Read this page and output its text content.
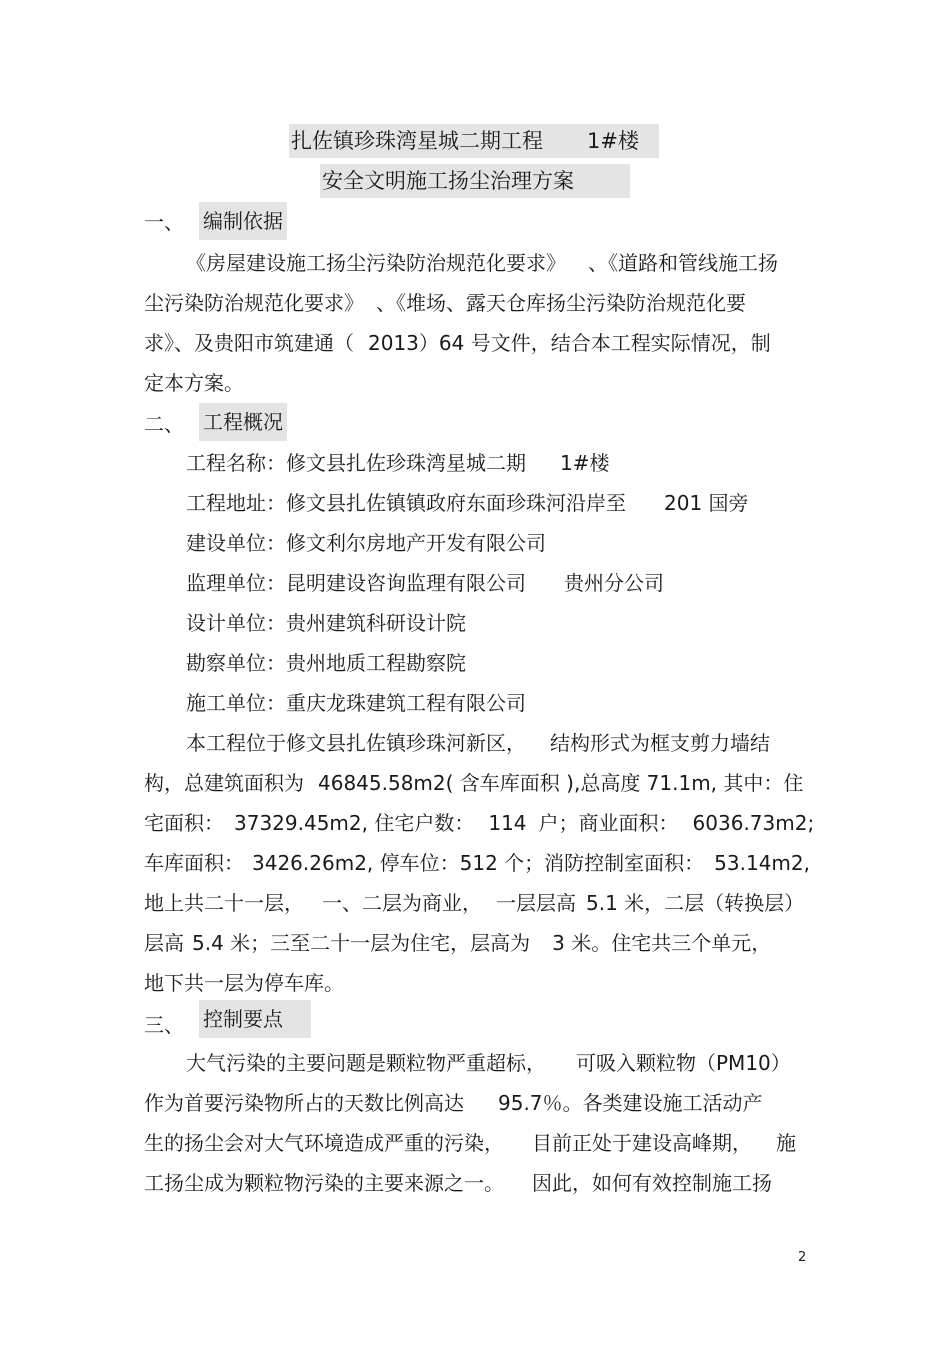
扎佐镇珍珠湾星城二期工程 1#楼
安全文明施工扬尘治理方案
一、 编制依据
《房屋建设施工扬尘污染防治规范化要求》 、《道路和管线施工扬
尘污染防治规范化要求》 、《堆场、露天仓库扬尘污染防治规范化要
求》、及贵阳市筑建通（ 2013）64 号文件，结合本工程实际情况，制
定本方案。
二、 工程概况
工程名称：修文县扎佐珍珠湾星城二期 1#楼
工程地址：修文县扎佐镇镇政府东面珍珠河沿岸至 201 国旁
建设单位：修文利尔房地产开发有限公司
监理单位：昆明建设咨询监理有限公司 贵州分公司
设计单位：贵州建筑科研设计院
勘察单位：贵州地质工程勘察院
施工单位：重庆龙珠建筑工程有限公司
本工程位于修文县扎佐镇珍珠河新区， 结构形式为框支剪力墙结
构，总建筑面积为 46845.58m2( 含车库面积 ),总高度 71.1m, 其中：住
宅面积： 37329.45m2, 住宅户数： 114 户；商业面积： 6036.73m2;
车库面积： 3426.26m2, 停车位：512 个；消防控制室面积： 53.14m2,
地上共二十一层， 一、二层为商业， 一层层高 5.1 米，二层（转换层）
层高 5.4 米；三至二十一层为住宅，层高为 3 米。住宅共三个单元，
地下共一层为停车库。
三、 控制要点
大气污染的主要问题是颗粒物严重超标， 可吸入颗粒物（PM10）
作为首要污染物所占的天数比例高达 95.7％。各类建设施工活动产
生的扬尘会对大气环境造成严重的污染， 目前正处于建设高峰期， 施
工扬尘成为颗粒物污染的主要来源之一。 因此，如何有效控制施工扬
2
